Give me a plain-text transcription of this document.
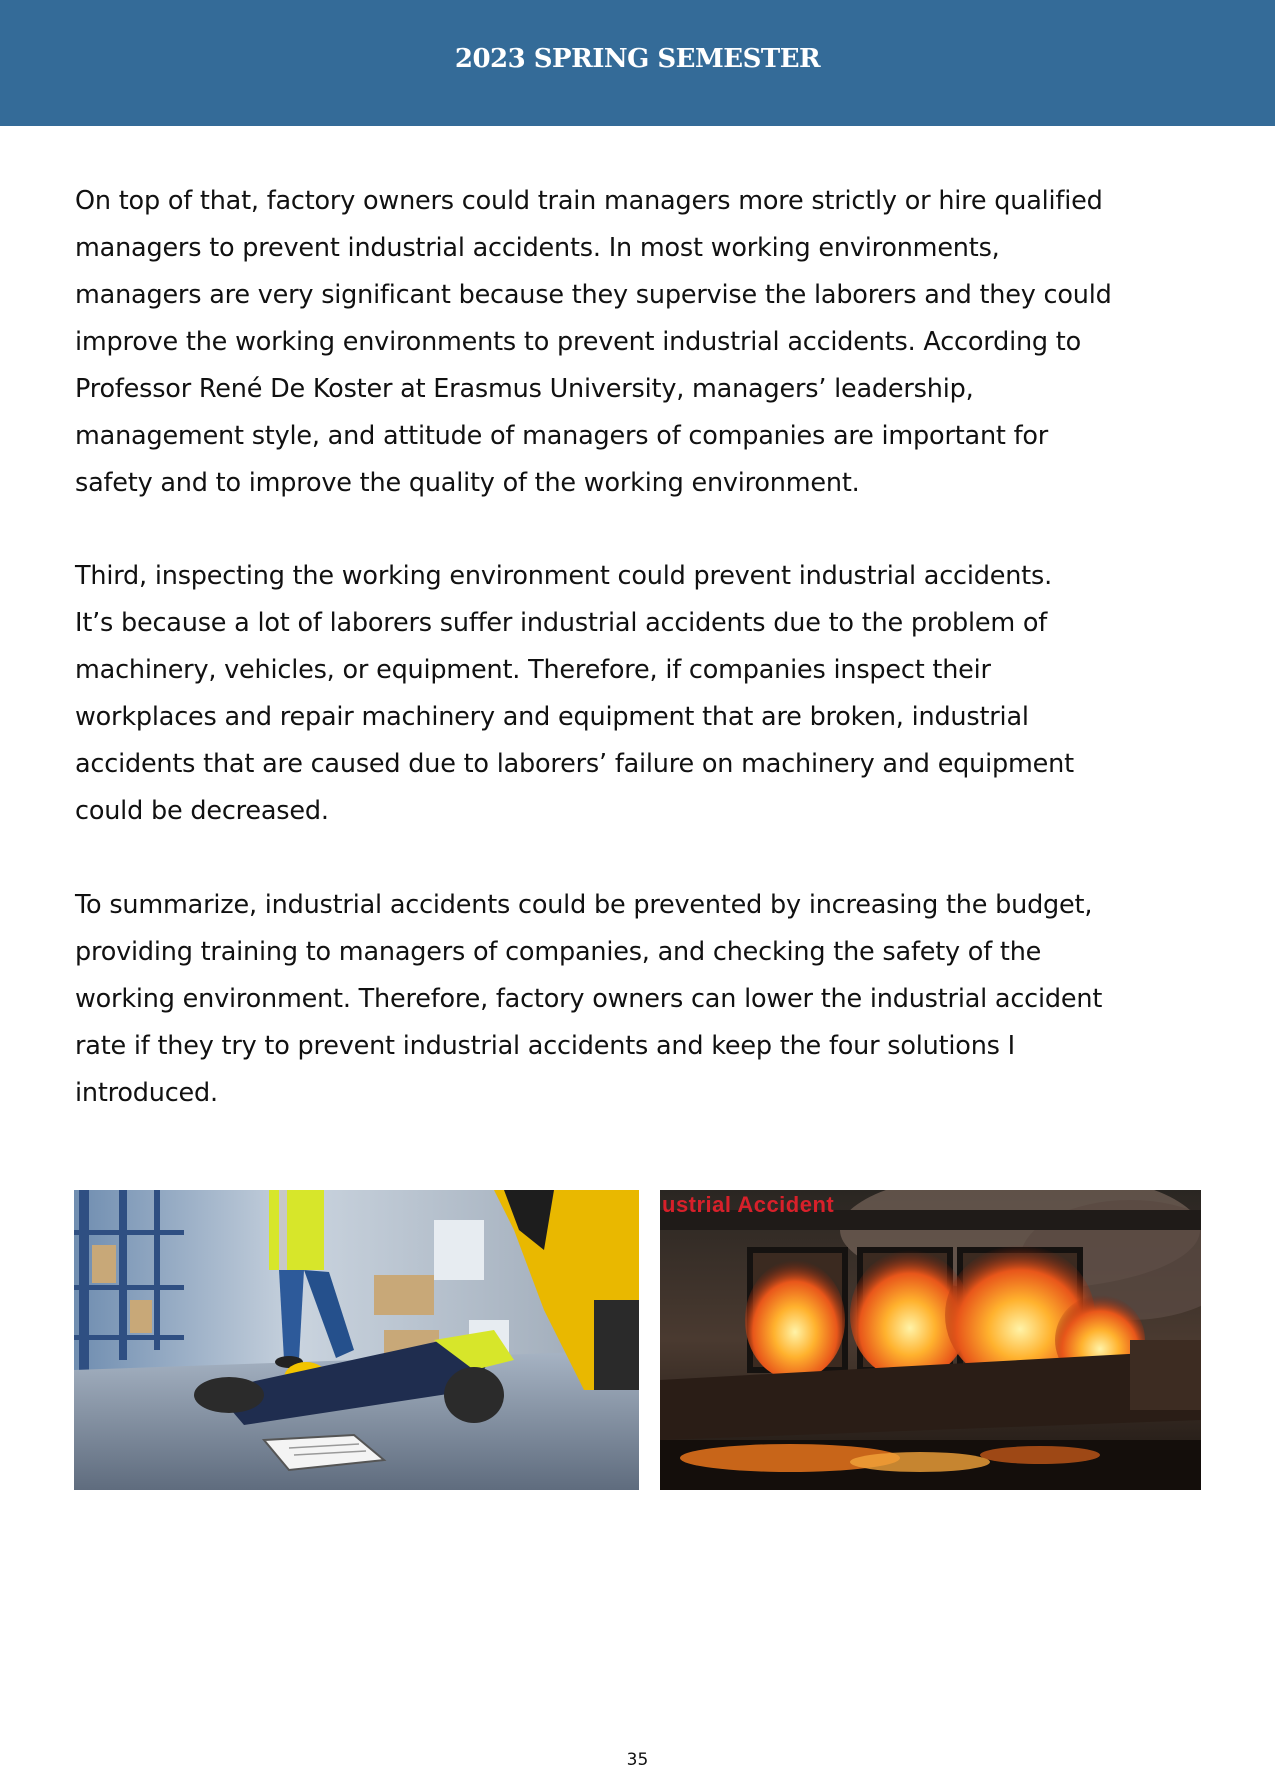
2023 SPRING SEMESTER

On top of that, factory owners could train managers more strictly or hire qualified
managers to prevent industrial accidents. In most working environments,
managers are very significant because they supervise the laborers and they could
improve the working environments to prevent industrial accidents. According to
Professor René De Koster at Erasmus University, managers’ leadership,
management style, and attitude of managers of companies are important for
safety and to improve the quality of the working environment.

Third, inspecting the working environment could prevent industrial accidents.
It’s because a lot of laborers suffer industrial accidents due to the problem of
machinery, vehicles, or equipment. Therefore, if companies inspect their
workplaces and repair machinery and equipment that are broken, industrial
accidents that are caused due to laborers’ failure on machinery and equipment
could be decreased.

To summarize, industrial accidents could be prevented by increasing the budget,
providing training to managers of companies, and checking the safety of the
working environment. Therefore, factory owners can lower the industrial accident
rate if they try to prevent industrial accidents and keep the four solutions I
introduced.

ustrial Accident
35
